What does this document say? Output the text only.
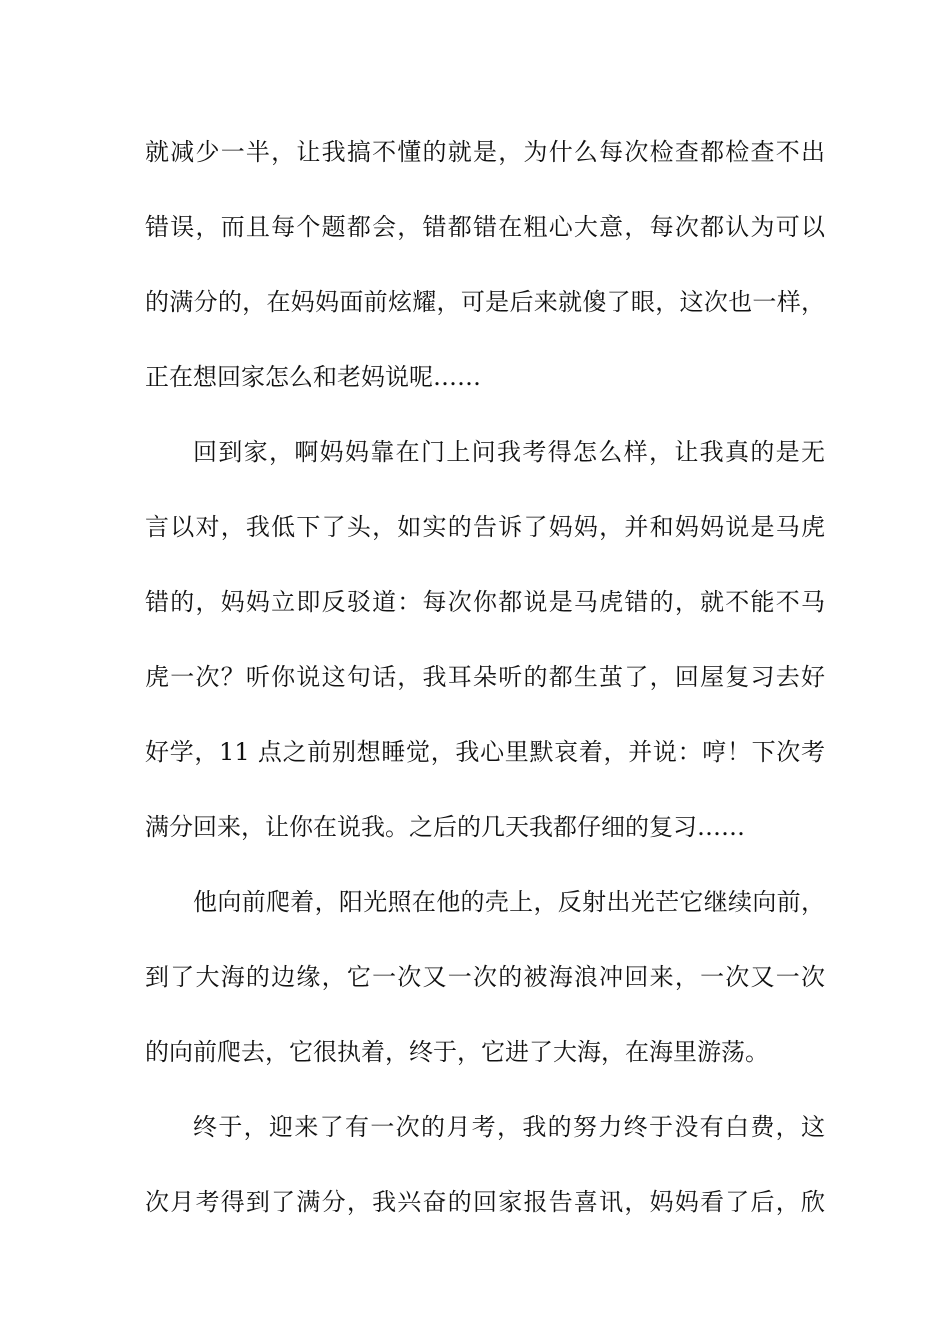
就减少一半，让我搞不懂的就是，为什么每次检查都检查不出
错误，而且每个题都会，错都错在粗心大意，每次都认为可以
的满分的，在妈妈面前炫耀，可是后来就傻了眼，这次也一样，
正在想回家怎么和老妈说呢……
回到家，啊妈妈靠在门上问我考得怎么样，让我真的是无
言以对，我低下了头，如实的告诉了妈妈，并和妈妈说是马虎
错的，妈妈立即反驳道：每次你都说是马虎错的，就不能不马
虎一次？听你说这句话，我耳朵听的都生茧了，回屋复习去好
好学，11 点之前别想睡觉，我心里默哀着，并说：哼！下次考
满分回来，让你在说我。之后的几天我都仔细的复习……
他向前爬着，阳光照在他的壳上，反射出光芒它继续向前，
到了大海的边缘，它一次又一次的被海浪冲回来，一次又一次
的向前爬去，它很执着，终于，它进了大海，在海里游荡。
终于，迎来了有一次的月考，我的努力终于没有白费，这
次月考得到了满分，我兴奋的回家报告喜讯，妈妈看了后，欣
